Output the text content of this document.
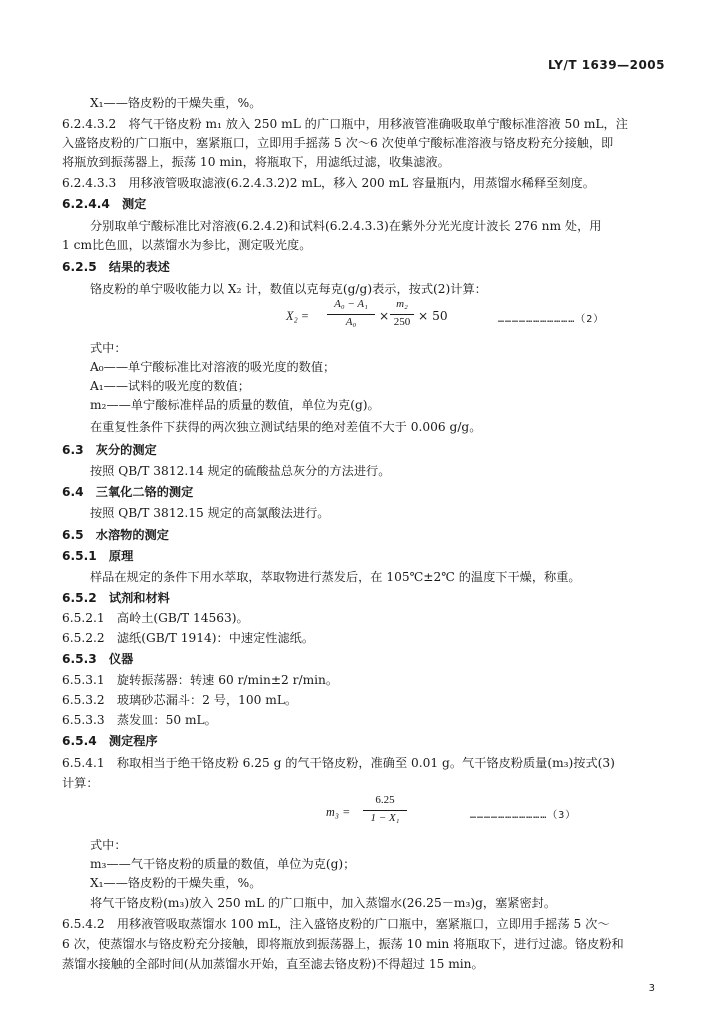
LY/T 1639—2005
X₁——铬皮粉的干燥失重，%。
6.2.4.3.2　将气干铬皮粉 m₁ 放入 250 mL 的广口瓶中，用移液管准确吸取单宁酸标准溶液 50 mL，注
入盛铬皮粉的广口瓶中，塞紧瓶口，立即用手摇荡 5 次～6 次使单宁酸标准溶液与铬皮粉充分接触，即
将瓶放到振荡器上，振荡 10 min，将瓶取下，用滤纸过滤，收集滤液。
6.2.4.3.3　用移液管吸取滤液(6.2.4.3.2)2 mL，移入 200 mL 容量瓶内，用蒸馏水稀释至刻度。
6.2.4.4　 测定
分别取单宁酸标准比对溶液(6.2.4.2)和试料(6.2.4.3.3)在紫外分光光度计波长 276 nm 处，用
1 cm比色皿，以蒸馏水为参比，测定吸光度。
6.2.5　 结果的表述
铬皮粉的单宁吸收能力以 X₂ 计，数值以克每克(g/g)表示，按式(2)计算：
X₂ =
A₀ − A₁
A₀	×
m₂
250 × 50	……………………………（2）
式中：
A₀——单宁酸标准比对溶液的吸光度的数值；
A₁——试料的吸光度的数值；
m₂——单宁酸标准样品的质量的数值，单位为克(g)。
在重复性条件下获得的两次独立测试结果的绝对差值不大于 0.006 g/g。
6.3　 灰分的测定
按照 QB/T 3812.14 规定的硫酸盐总灰分的方法进行。
6.4　 三氧化二铬的测定
按照 QB/T 3812.15 规定的高氯酸法进行。
6.5　 水溶物的测定
6.5.1　 原理
样品在规定的条件下用水萃取，萃取物进行蒸发后，在 105℃±2℃ 的温度下干燥，称重。
6.5.2　 试剂和材料
6.5.2.1　高岭土(GB/T 14563)。
6.5.2.2　滤纸(GB/T 1914)：中速定性滤纸。
6.5.3　 仪器
6.5.3.1　旋转振荡器：转速 60 r/min±2 r/min。
6.5.3.2　玻璃砂芯漏斗：2 号，100 mL。
6.5.3.3　蒸发皿：50 mL。
6.5.4　 测定程序
6.5.4.1　称取相当于绝干铬皮粉 6.25 g 的气干铬皮粉，准确至 0.01 g。气干铬皮粉质量(m₃)按式(3)
计算：
m₃ =
6.25
1 − X₁	……………………………（3）
式中：
m₃——气干铬皮粉的质量的数值，单位为克(g)；
X₁——铬皮粉的干燥失重，%。
将气干铬皮粉(m₃)放入 250 mL 的广口瓶中，加入蒸馏水(26.25－m₃)g，塞紧密封。
6.5.4.2　用移液管吸取蒸馏水 100 mL，注入盛铬皮粉的广口瓶中，塞紧瓶口，立即用手摇荡 5 次～
6 次，使蒸馏水与铬皮粉充分接触，即将瓶放到振荡器上，振荡 10 min 将瓶取下，进行过滤。铬皮粉和
蒸馏水接触的全部时间(从加蒸馏水开始，直至滤去铬皮粉)不得超过 15 min。
3
